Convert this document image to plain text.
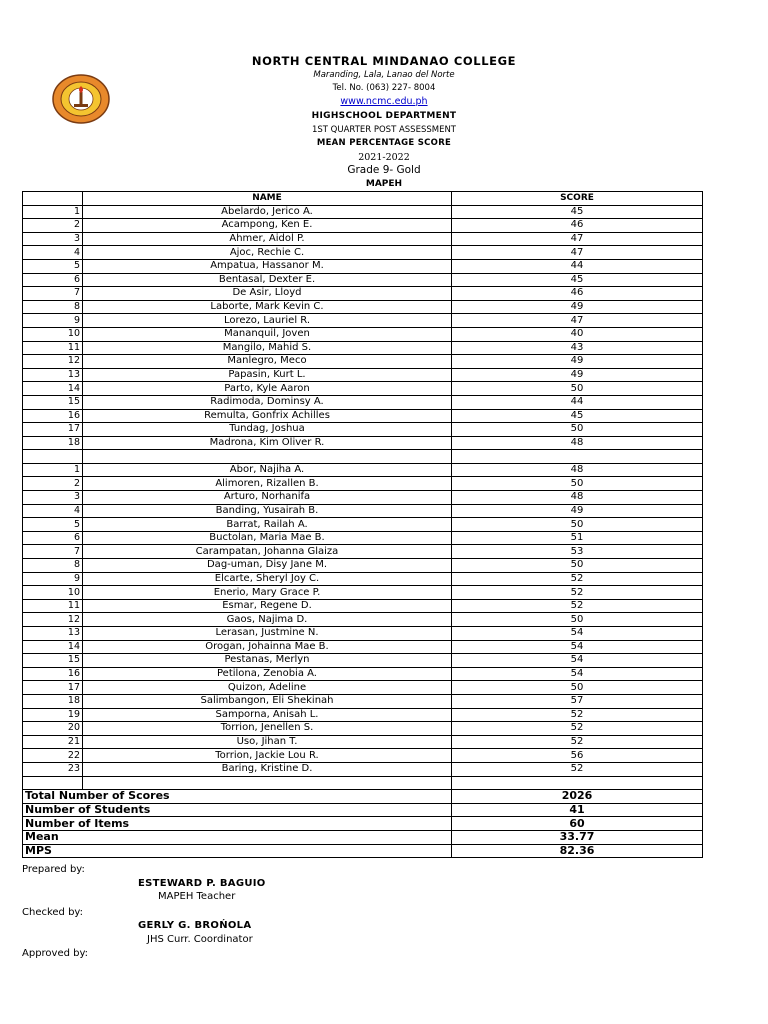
NORTH CENTRAL MINDANAO COLLEGE
Maranding, Lala, Lanao del Norte
Tel. No. (063) 227- 8004
www.ncmc.edu.ph
HIGHSCHOOL DEPARTMENT
1ST QUARTER POST ASSESSMENT
MEAN PERCENTAGE SCORE
2021-2022
Grade 9- Gold
MAPEH
	NAME	SCORE
1	Abelardo, Jerico A.	45
2	Acampong, Ken E.	46
3	Ahmer, Aidol P.	47
4	Ajoc, Rechie C.	47
5	Ampatua, Hassanor M.	44
6	Bentasal, Dexter E.	45
7	De Asir, Lloyd	46
8	Laborte, Mark Kevin C.	49
9	Lorezo, Lauriel R.	47
10	Mananquil, Joven	40
11	Mangilo, Mahid S.	43
12	Manlegro, Meco	49
13	Papasin, Kurt L.	49
14	Parto, Kyle Aaron	50
15	Radimoda, Dominsy A.	44
16	Remulta, Gonfrix Achilles	45
17	Tundag, Joshua	50
18	Madrona, Kim Oliver R.	48

1	Abor, Najiha A.	48
2	Alimoren, Rizallen B.	50
3	Arturo, Norhanifa	48
4	Banding, Yusairah B.	49
5	Barrat, Railah A.	50
6	Buctolan, Maria Mae B.	51
7	Carampatan, Johanna Glaiza	53
8	Dag-uman, Disy Jane M.	50
9	Elcarte, Sheryl Joy C.	52
10	Enerio, Mary Grace P.	52
11	Esmar, Regene D.	52
12	Gaos, Najima D.	50
13	Lerasan, Justmine N.	54
14	Orogan, Johainna Mae B.	54
15	Pestanas, Merlyn	54
16	Petilona, Zenobia A.	54
17	Quizon, Adeline	50
18	Salimbangon, Eli Shekinah	57
19	Samporna, Anisah L.	52
20	Torrion, Jenellen S.	52
21	Uso, Jihan T.	52
22	Torrion, Jackie Lou R.	56
23	Baring, Kristine D.	52

Total Number of Scores		2026
Number of Students		41
Number of Items		60
Mean		33.77
MPS		82.36
Prepared by:
ESTEWARD P. BAGUIO
MAPEH Teacher
Checked by:
GERLY G. BROŃOLA
JHS Curr. Coordinator
Approved by:
